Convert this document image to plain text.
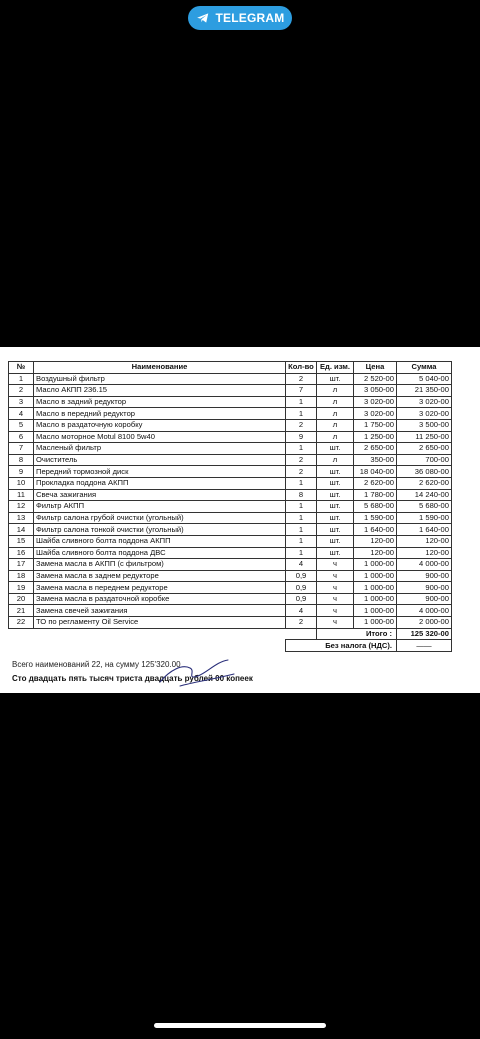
TELEGRAM
№	Наименование	Кол-во	Ед. изм.	Цена	Сумма
1	Воздушный фильтр	2	шт.	2 520-00	5 040-00
2	Масло АКПП 236.15	7	л	3 050-00	21 350-00
3	Масло в задний редуктор	1	л	3 020-00	3 020-00
4	Масло в передний редуктор	1	л	3 020-00	3 020-00
5	Масло в раздаточную коробку	2	л	1 750-00	3 500-00
6	Масло моторное Motul 8100 5w40	9	л	1 250-00	11 250-00
7	Масленый фильтр	1	шт.	2 650-00	2 650-00
8	Очиститель	2	л	350-00	700-00
9	Передний тормозной диск	2	шт.	18 040-00	36 080-00
10	Прокладка поддона АКПП	1	шт.	2 620-00	2 620-00
11	Свеча зажигания	8	шт.	1 780-00	14 240-00
12	Фильтр АКПП	1	шт.	5 680-00	5 680-00
13	Фильтр салона грубой очистки (угольный)	1	шт.	1 590-00	1 590-00
14	Фильтр салона тонкой очистки (угольный)	1	шт.	1 640-00	1 640-00
15	Шайба сливного болта поддона АКПП	1	шт.	120-00	120-00
16	Шайба сливного болта поддона ДВС	1	шт.	120-00	120-00
17	Замена масла в АКПП (с фильтром)	4	ч	1 000-00	4 000-00
18	Замена масла в заднем редукторе	0,9	ч	1 000-00	900-00
19	Замена масла в переднем редукторе	0,9	ч	1 000-00	900-00
20	Замена масла в раздаточной коробке	0,9	ч	1 000-00	900-00
21	Замена свечей зажигания	4	ч	1 000-00	4 000-00
22	ТО по регламенту Oil Service	2	ч	1 000-00	2 000-00
			Итого :		125 320-00
		Без налога (НДС).			——
Всего наименований 22, на сумму 125'320.00
Сто двадцать пять тысяч триста двадцать рублей 00 копеек
